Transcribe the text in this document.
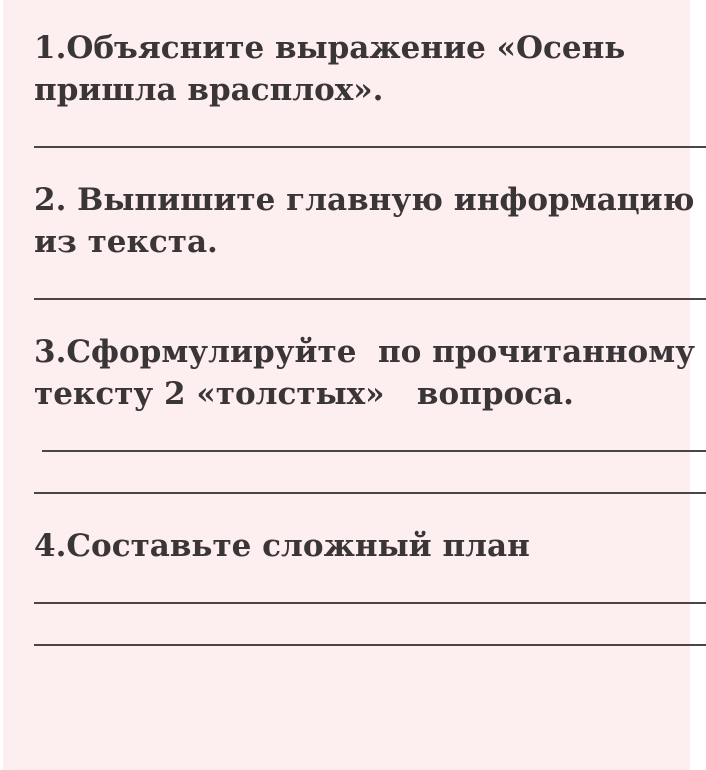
1.Объясните выражение «Осень
пришла врасплох».
2. Выпишите главную информацию
из текста.
3.Сформулируйте  по прочитанному
тексту 2 «толстых»   вопроса.
4.Составьте сложный план
